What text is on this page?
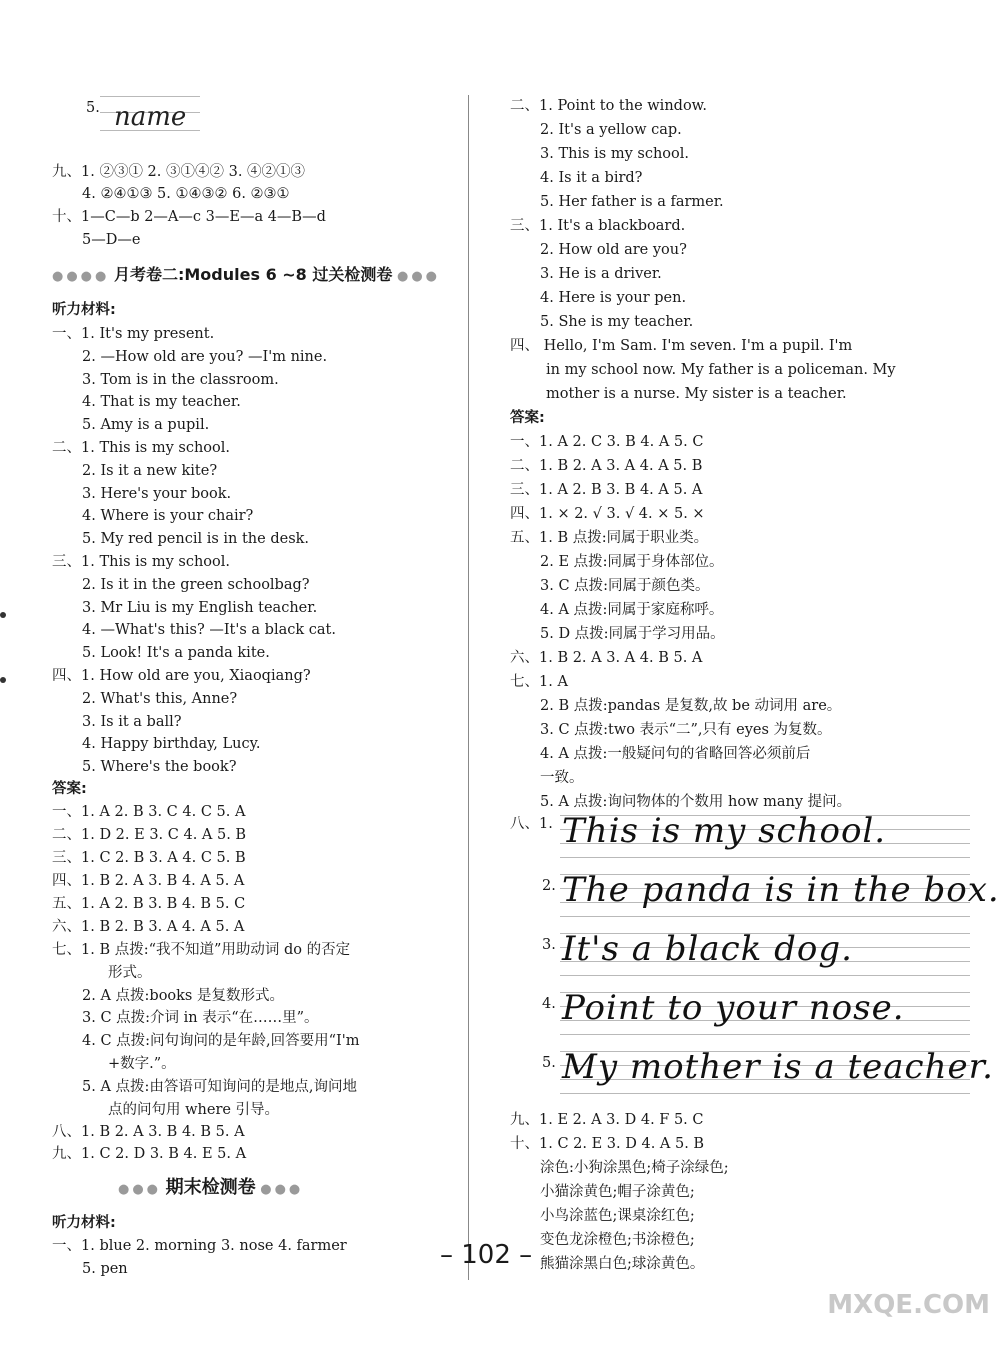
5. name
九、1. ②③① 2. ③①④② 3. ④②①③
4. ②④①③ 5. ①④③② 6. ②③①
十、1—C—b 2—A—c 3—E—a 4—B—d
5—D—e
●●●● 月考卷二:Modules 6 ~8 过关检测卷 ●●●
听力材料:
一、1. It's my present.
2. —How old are you? —I'm nine.
3. Tom is in the classroom.
4. That is my teacher.
5. Amy is a pupil.
二、1. This is my school.
2. Is it a new kite?
3. Here's your book.
4. Where is your chair?
5. My red pencil is in the desk.
三、1. This is my school.
2. Is it in the green schoolbag?
3. Mr Liu is my English teacher.
4. —What's this? —It's a black cat.
5. Look! It's a panda kite.
四、1. How old are you, Xiaoqiang?
2. What's this, Anne?
3. Is it a ball?
4. Happy birthday, Lucy.
5. Where's the book?
答案:
一、1. A 2. B 3. C 4. C 5. A
二、1. D 2. E 3. C 4. A 5. B
三、1. C 2. B 3. A 4. C 5. B
四、1. B 2. A 3. B 4. A 5. A
五、1. A 2. B 3. B 4. B 5. C
六、1. B 2. B 3. A 4. A 5. A
七、1. B 点拨:“我不知道”用助动词 do 的否定
形式。
2. A 点拨:books 是复数形式。
3. C 点拨:介词 in 表示“在……里”。
4. C 点拨:问句询问的是年龄,回答要用“I'm
+数字.”。
5. A 点拨:由答语可知询问的是地点,询问地
点的问句用 where 引导。
八、1. B 2. A 3. B 4. B 5. A
九、1. C 2. D 3. B 4. E 5. A
●●● 期末检测卷 ●●●
听力材料:
一、1. blue 2. morning 3. nose 4. farmer
5. pen
二、1. Point to the window.
2. It's a yellow cap.
3. This is my school.
4. Is it a bird?
5. Her father is a farmer.
三、1. It's a blackboard.
2. How old are you?
3. He is a driver.
4. Here is your pen.
5. She is my teacher.
四、 Hello, I'm Sam. I'm seven. I'm a pupil. I'm
in my school now. My father is a policeman. My
mother is a nurse. My sister is a teacher.
答案:
一、1. A 2. C 3. B 4. A 5. C
二、1. B 2. A 3. A 4. A 5. B
三、1. A 2. B 3. B 4. A 5. A
四、1. × 2. √ 3. √ 4. × 5. ×
五、1. B 点拨:同属于职业类。
2. E 点拨:同属于身体部位。
3. C 点拨:同属于颜色类。
4. A 点拨:同属于家庭称呼。
5. D 点拨:同属于学习用品。
六、1. B 2. A 3. A 4. B 5. A
七、1. A
2. B 点拨:pandas 是复数,故 be 动词用 are。
3. C 点拨:two 表示“二”,只有 eyes 为复数。
4. A 点拨:一般疑问句的省略回答必须前后
一致。
5. A 点拨:询问物体的个数用 how many 提问。
八、1. This is my school.
2. The panda is in the box.
3. It's a black dog.
4. Point to your nose.
5. My mother is a teacher.
九、1. E 2. A 3. D 4. F 5. C
十、1. C 2. E 3. D 4. A 5. B
涂色:小狗涂黑色;椅子涂绿色;
小猫涂黄色;帽子涂黄色;
小鸟涂蓝色;课桌涂红色;
变色龙涂橙色;书涂橙色;
熊猫涂黑白色;球涂黄色。
– 102 –
MXQE.COM
